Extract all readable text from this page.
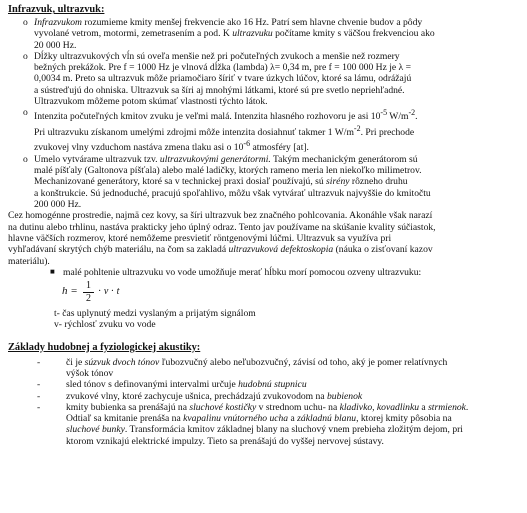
Infrazvuk, ultrazvuk:
o Infrazvukom rozumieme kmity menšej frekvencie ako 16 Hz. Patrí sem hlavne chvenie budov a pôdy

vyvolané vetrom, motormi, zemetrasením a pod. K ultrazvuku počítame kmity s väčšou frekvenciou ako

20 000 Hz.

o Dĺžky ultrazvukových vĺn sú oveľa menšie než pri počuteľných zvukoch a menšie než rozmery

bežných prekážok. Pre f = 1000 Hz je vlnová dĺžka (lambda) λ= 0,34 m, pre f = 100 000 Hz je λ =

0,0034 m. Preto sa ultrazvuk môže priamočiaro šíriť v tvare úzkych lúčov, ktoré sa lámu, odrážajú

a sústreďujú do ohniska. Ultrazvuk sa šíri aj mnohými látkami, ktoré sú pre svetlo nepriehľadné.

Ultrazvukom môžeme potom skúmať vlastnosti týchto látok.

o Intenzita počuteľných kmitov zvuku je veľmi malá. Intenzita hlasného rozhovoru je asi $10^{-5}$ $W/m^{-2}$.

Pri ultrazvuku získanom umelými zdrojmi môže intenzita dosiahnuť takmer 1 $W/m^{-2}$. Pri prechode

zvukovej vlny vzduchom nastáva zmena tlaku asi o $10^{-6}$ atmosféry [at].

o Umelo vytvárame ultrazvuk tzv. ultrazvukovými generátormi. Takým mechanickým generátorom sú

malé píšťaly (Galtonova píšťala) alebo malé ladičky, ktorých rameno meria len niekoľko milimetrov.

Mechanizované generátory, ktoré sa v technickej praxi dosiaľ používajú, sú sirény rôzneho druhu

a konštrukcie. Sú jednoduché, pracujú spoľahlivo, môžu však vytvárať ultrazvuk najvyššie do kmitočtu

200 000 Hz.

Cez homogénne prostredie, najmä cez kovy, sa šíri ultrazvuk bez značného pohlcovania. Akonáhle však narazí

na dutinu alebo trhlinu, nastáva prakticky jeho úplný odraz. Tento jav používame na skúšanie kvality súčiastok,

hlavne väčších rozmerov, ktoré nemôžeme presvietiť röntgenovými lúčmi. Ultrazvuk sa využíva pri

vyhľadávaní skrytých chýb materiálu, na čom sa zakladá ultrazvuková defektoskopia (náuka o zisťovaní kazov

materiálu).

■ malé pohltenie ultrazvuku vo vode umožňuje merať hĺbku morí pomocou ozveny ultrazvuku:

h = 1
2
· v · t

t- čas uplynutý medzi vyslaným a prijatým signálom

v- rýchlosť zvuku vo vode

Základy hudobnej a fyziologickej akustiky:
-	či je súzvuk dvoch tónov ľubozvučný alebo neľubozvučný, závisí od toho, aký je pomer relatívnych

výšok tónov

-	sled tónov s definovanými intervalmi určuje hudobnú stupnicu

-	zvukové vlny, ktoré zachycuje ušnica, prechádzajú zvukovodom na bubienok

-	kmity bubienka sa prenášajú na sluchové kostičky v strednom uchu- na kladivko, kovadlinku a strmienok.

Odtiaľ sa kmitanie prenáša na kvapalinu vnútorného ucha a základnú blanu, ktorej kmity pôsobia na

sluchové bunky. Transformácia kmitov základnej blany na sluchový vnem prebieha zložitým dejom, pri

ktorom vznikajú elektrické impulzy. Tieto sa prenášajú do vyššej nervovej sústavy.
